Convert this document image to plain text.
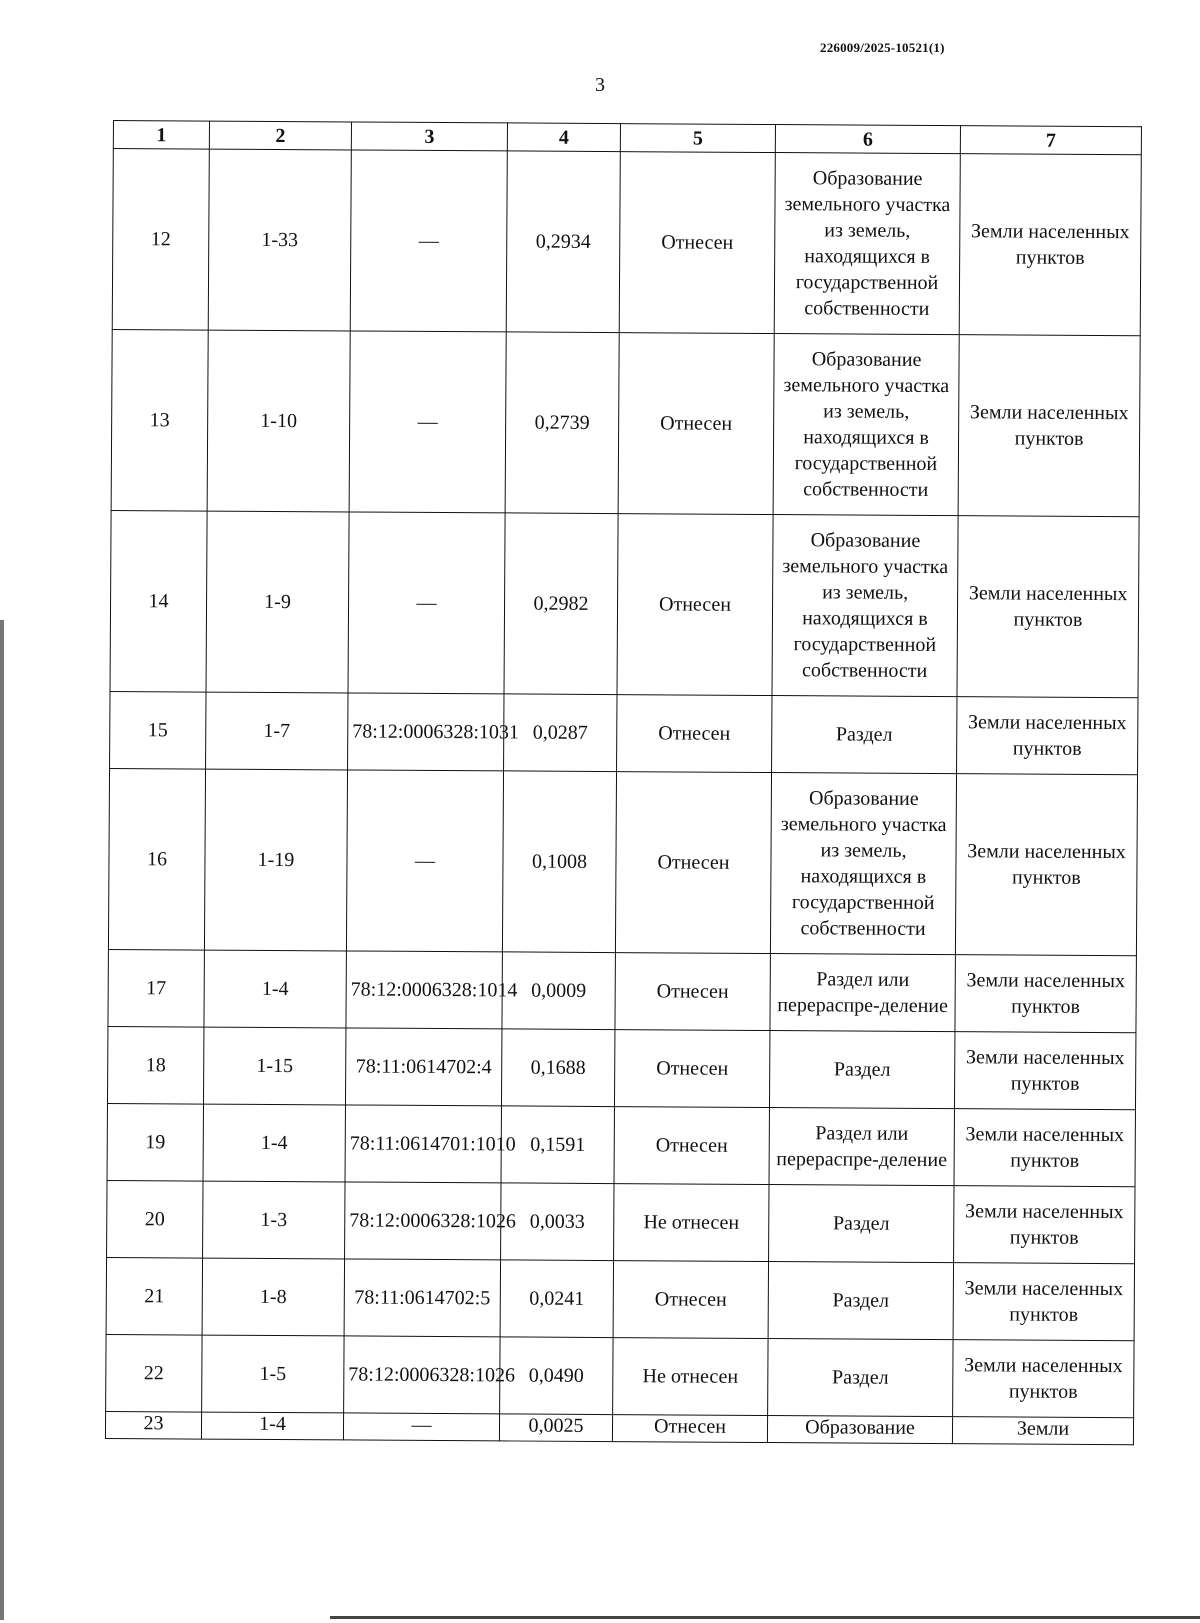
226009/2025-10521(1)
3
1	2	3	4	5	6	7
12	1-33	—	0,2934	Отнесен	Образование земельного участка из земель, находящихся в государственной собственности	Земли населенных пунктов
13	1-10	—	0,2739	Отнесен	Образование земельного участка из земель, находящихся в государственной собственности	Земли населенных пунктов
14	1-9	—	0,2982	Отнесен	Образование земельного участка из земель, находящихся в государственной собственности	Земли населенных пунктов
15	1-7	78:12:0006328:1031	0,0287	Отнесен	Раздел	Земли населенных пунктов
16	1-19	—	0,1008	Отнесен	Образование земельного участка из земель, находящихся в государственной собственности	Земли населенных пунктов
17	1-4	78:12:0006328:1014	0,0009	Отнесен	Раздел или перераспре-деление	Земли населенных пунктов
18	1-15	78:11:0614702:4	0,1688	Отнесен	Раздел	Земли населенных пунктов
19	1-4	78:11:0614701:1010	0,1591	Отнесен	Раздел или перераспре-деление	Земли населенных пунктов
20	1-3	78:12:0006328:1026	0,0033	Не отнесен	Раздел	Земли населенных пунктов
21	1-8	78:11:0614702:5	0,0241	Отнесен	Раздел	Земли населенных пунктов
22	1-5	78:12:0006328:1026	0,0490	Не отнесен	Раздел	Земли населенных пунктов
23	1-4	—	0,0025	Отнесен	Образование	Земли
